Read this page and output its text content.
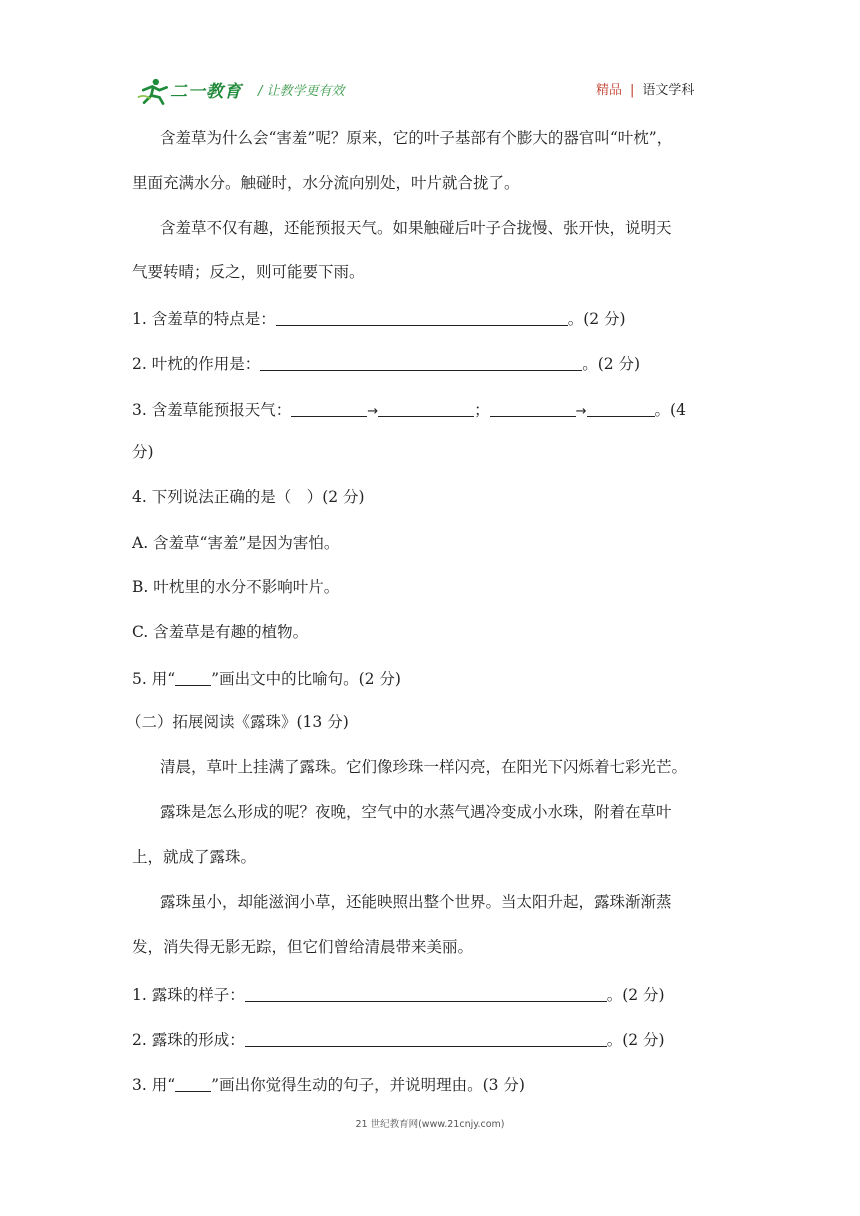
二一教育 / 让教学更有效	精品 | 语文学科
含羞草为什么会“害羞”呢？原来，它的叶子基部有个膨大的器官叫“叶枕”，
里面充满水分。触碰时，水分流向别处，叶片就合拢了。
含羞草不仅有趣，还能预报天气。如果触碰后叶子合拢慢、张开快，说明天
气要转晴；反之，则可能要下雨。
1. 含羞草的特点是：	。(2 分)
2. 叶枕的作用是：	。(2 分)
3. 含羞草能预报天气：	→	；	→	。(4
分)
4. 下列说法正确的是（　）(2 分)
A. 含羞草“害羞”是因为害怕。
B. 叶枕里的水分不影响叶片。
C. 含羞草是有趣的植物。
5. 用“ ”画出文中的比喻句。(2 分)
（二）拓展阅读《露珠》(13 分)
清晨，草叶上挂满了露珠。它们像珍珠一样闪亮，在阳光下闪烁着七彩光芒。
露珠是怎么形成的呢？夜晚，空气中的水蒸气遇冷变成小水珠，附着在草叶
上，就成了露珠。
露珠虽小，却能滋润小草，还能映照出整个世界。当太阳升起，露珠渐渐蒸
发，消失得无影无踪，但它们曾给清晨带来美丽。
1. 露珠的样子：	。(2 分)
2. 露珠的形成：	。(2 分)
3. 用“ ”画出你觉得生动的句子，并说明理由。(3 分)
21 世纪教育网(www.21cnjy.com)
